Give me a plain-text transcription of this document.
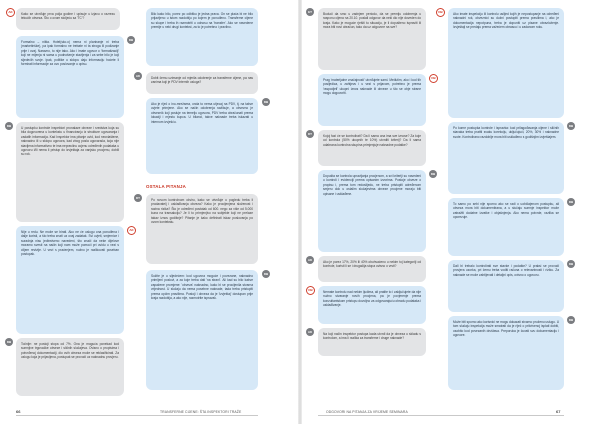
AK	Kako se utvrđuje prva polja godine i upisuje u izjavu o razrezu tekućih obveza. Što o ovom stoljeću sa 'TC'?
DB
Formalno – ništa. Hotel(sko.o) nema ni planiranje ni treba (marketinške), pa ipak formalno ne trebate ni ta stroga ili podizanje prije i ovaj. Naravno, to nije tako. Ako i imate ugovor o 'formatizaciji' koji ne mijenja ni sama u podnošenje stavljenja i za sebe bilo je koji sljedećih svoje. Ipak, politike u sklopu daju informaciju hoćete li formirati informacije za ovo poslovanje u opisu.
DB	U postupku kontrole inspektori pronalaze obveze i sredstva koja su bila dogovorena u kontekstu u financiranju iz strukture ugovaranja i zadatih informacija. Kad Inspektor ima pitanje uvid, kod neovlaštene, naknadno ili u sklopu ugovora, kad zbog posla ugovarača, koja nije stavljena informativno te ima nepravilnu ocjenu određenih podataka u ugovoru i/ili nema li pristup do izvještaja za vanjsku procjenu, dobili su rok.
AK
Nije u redu. Ne može se birati. Ako ne će uslugu ona ponuđena i dalje koristi, a što treba znati uz ovaj zadatak. Svi uvjeti, smjernice i suradnja nisu jedinstveno navedeni, što znači da neke dijelove moramo svesti na način koji nam može pomoći pri uvidu u vezi s ciljem revizije. U vezi s praćenjem, nužno je razlikovati poseban postupak.
DB	Točnije: ne postoji stopa od 7%. Ona je moguća ponekad kod sumnjive trgovačke obveze i sličnih slučajeva. Ovisno o propisima i potvrđenoj dokumentaciji, dio ovih obveza može se reklasificirati. Za uslugu koja je prijavljena, postupak se provodi uz naknadnu provjeru.
Bilo kako bilo, porez po odbitku je jedna prava. On se plaća bi ne bilo prijavljeno u istom razdoblju po kojem je ponuđeno. Transferne cijene su skupe i treba ih razmotriti u odnosu na 'transfer'. Ako se navedene premije u neki drugi kontekst, za to je potrebno i pravilno.
AK	Dobit čemu uzimanje od mjerila odobrenje za transferne cijene, pa nas zanima koji je PDV internih usluga?
DB
Ako je riječ o ino-mrežama, onda to nema utjecaj na PDV, tj. na takve uvjete primjene. Ako se način odobrenja razlikuje, a obvezno je obveznik koji posluje na temelju ugovora, PDV treba obračunati prema lokaciji i mjestu kupca. U bilanci, takve naknade treba iskazati u internom izvješću.
OSTALA PITANJA
DT	Po novom kontrolnom okviru, kako se utvrđuje u pogledu treba li prodavatelj i usklađivanja obveza? Kako je procijenjena složenost i razina rizika? Što je određeni postotak od 600. nego za više od 5.000 kuna na transakciju? Je li to primjenjivo na subjekte koji ne prelaze takav iznos godišnje? Pitanje je kako definirati iskaz poslovanja po ovom kontekstu.
DB
Sužite je u sljedećem: kod ugovora moguće i povezane, naknadno primljeni poslovi, a za koje treba dati 'na strani'. Ali kad su bilo kakve zapažene promjene: 'obveza' naknadno, kako bi se procijenila stvarna vrijednost. U slučaju da nema posebne naknade, tada treba pristupiti prema općim pravilima. Postoji i obveza da je 'izvještaj' dostupan prije kraja razdoblja, a ako nije, razmotrite ispravak.
ET	Budući da smo u zadnjem periodu, da se premiju odobrenja u rasponu cijena na 20.10. poslali odgovor da neki dio nije doveden do kraja. Kako je moguće rješiti tu situaciju, je li dopušteno ispraviti ili mora biti novi obračun, tako da uz odgovore na sve?
DB
Prag 'materijalne značajnosti' utvrđujete sami. Međutim, ako i kod tih posljedica, u zahtjevu i u vezi s prijavom, potrebno je prema 'raspodjeli' ukupni iznos naknade ili obveze u što se obje strane mogu dogovoriti.
DT	Kojoj fazi će se kontrolirati? Da li sama ona ima sve iznose? Za koje od kontrola (50% ukupnih te 10%) utvrditi kriterij? Da li sama odabrana kontrolna skupina primjenjuje naknadne podatke?
DB
Dopušta se kontrola upravljanja procjenom, a svi kriteriji su navedeni u kontroli i evidenciji prema opisanim izvorima. Postoje obveze o propisu i, prema tom redoslijedu, ne treba pristupiti određenom smjeru dok u ostalim slučajevima obveze procjene moraju biti opisane i usklađene.
AK	Ako je porez 17%, 20% ili 40% obuhvaćeno u nekim toj kategoriji od kontrole, koristi li se i drugačija stopa ovisno o vrsti?
DB	Nemate kontrolu nad nekim ljudima, ali pratite to i zaključujete da nije nužno stvaranje novih procjena, pa je povjerenje prema konzultantskom pristupu dovoljno za odgovarajuću obradu podataka i usklađivanje.
AK	Na koji način inspektor postupa kada utvrdi da je obveza u skladu s kontrolom, a ima li razlika za transferne i druge naknade?
DB	Ako imate inspekciju ili kontrolu uslijed kojih je nepostupanje na određeni naknadni rok, obveznici su dužni postupiti prema pravilima i, ako je dokumentacija nepotpuna, treba je dopuniti uz pisane obrazloženje. Izvještaji se predaju prema važećem obrascu i u zadanom roku.
DB
Po kome postupka kontrole i ispravka: kod prilagođavanja cijene i sličnih stavaka treba pratiti svaku korekciju, uključujući, 20%, 30% i naknadne svote. Kontrolirano razdoblje mora biti usklađeno s godišnjim izvještajem.
DB
To samo po sebi nije sporno ako se radi o uobičajenom postupku, ali obveza mora biti dokumentirana, a u slučaju sumnje inspektor može zatražiti dodatne izvatke i objašnjenja. Ako nema potvrde, razlika se oporezuje.
DB
Dali bi trebalo kontrolirati sve stavke i podatke? U praksi se provodi provjera uzorka, pri čemu treba voditi računa o relevantnosti i riziku. Za naknade se može zahtijevati i detaljni opis, ovisno o ugovoru.
DB
Može biti sporno ako korisnici ne mogu dokazati stvarno pruženu uslugu. U tom slučaju inspekcija može smatrati da je riječ o prikrivenoj isplati dobiti, osobito kod povezanih društava. Preporuka je čuvati svu dokumentaciju i ugovore.
66	TRANSFERNE CIJENE: ŠTA INSPEKTORI TRAŽE	ODGOVORI NA PITANJA ZA VRIJEME SEMINARA	67
